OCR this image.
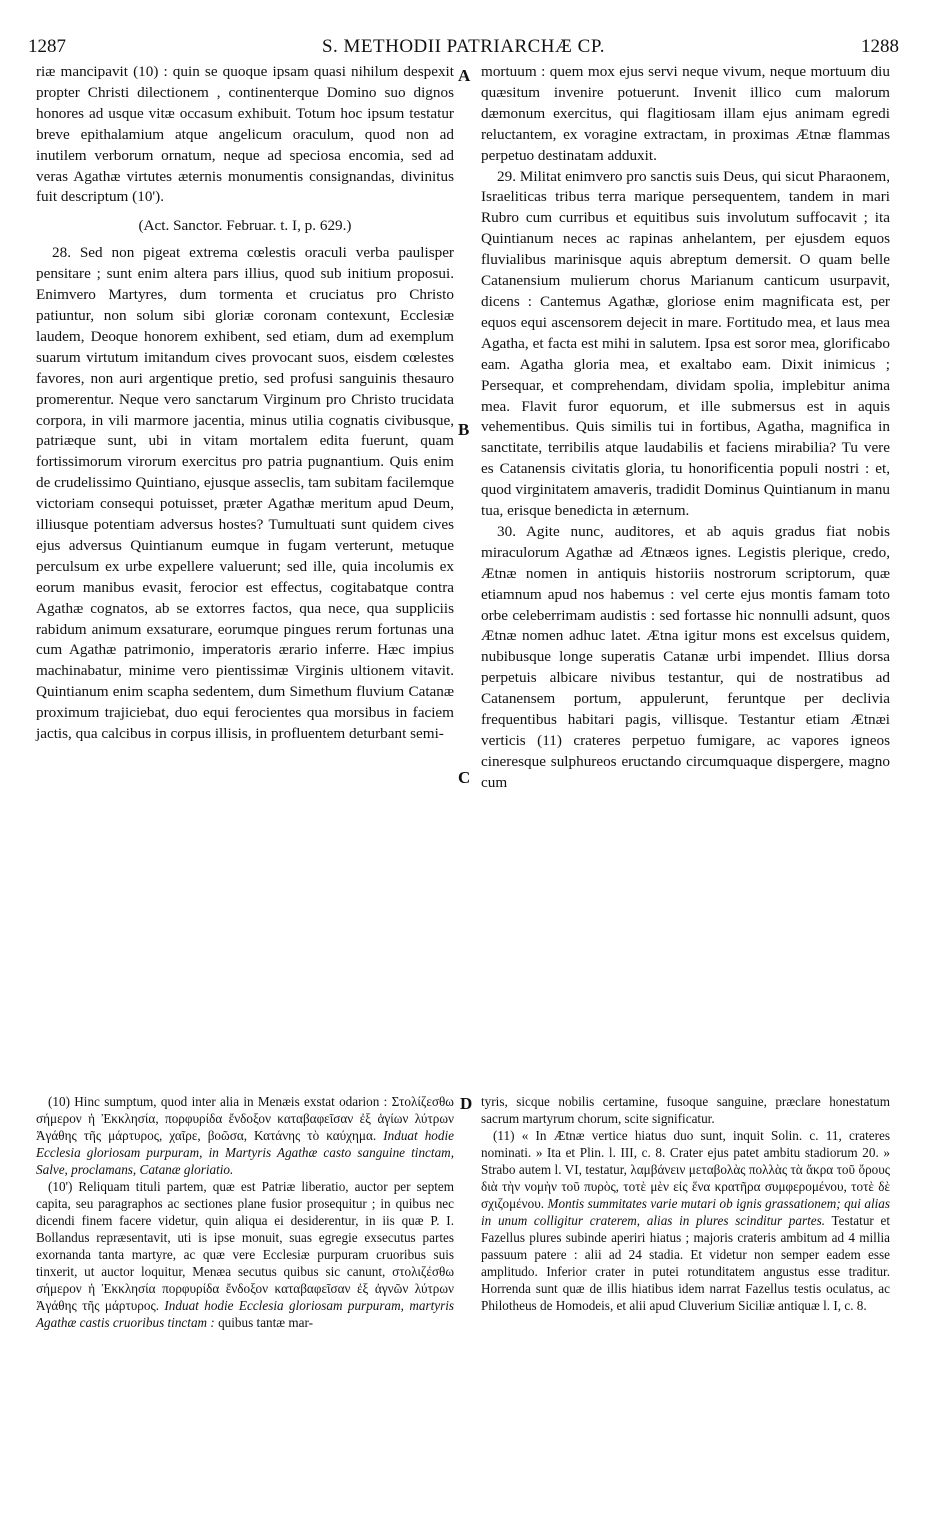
1287	S. METHODII PATRIARCHÆ CP.	1288
A
B
C
D

riæ mancipavit (10) : quin se quoque ipsam quasi nihilum despexit propter Christi dilectionem , continenterque Domino suo dignos honores ad usque vitæ occasum exhibuit. Totum hoc ipsum testatur breve epithalamium atque angelicum oraculum, quod non ad inutilem verborum ornatum, neque ad speciosa encomia, sed ad veras Agathæ virtutes æternis monumentis consignandas, divinitus fuit descriptum (10').

(Act. Sanctor. Februar. t. I, p. 629.)

28. Sed non pigeat extrema cœlestis oraculi verba paulisper pensitare ; sunt enim altera pars illius, quod sub initium proposui. Enimvero Martyres, dum tormenta et cruciatus pro Christo patiuntur, non solum sibi gloriæ coronam contexunt, Ecclesiæ laudem, Deoque honorem exhibent, sed etiam, dum ad exemplum suarum virtutum imitandum cives provocant suos, eisdem cœlestes favores, non auri argentique pretio, sed profusi sanguinis thesauro promerentur. Neque vero sanctarum Virginum pro Christo trucidata corpora, in vili marmore jacentia, minus utilia cognatis civibusque, patriæque sunt, ubi in vitam mortalem edita fuerunt, quam fortissimorum virorum exercitus pro patria pugnantium. Quis enim de crudelissimo Quintiano, ejusque asseclis, tam subitam facilemque victoriam consequi potuisset, præter Agathæ meritum apud Deum, illiusque potentiam adversus hostes? Tumultuati sunt quidem cives ejus adversus Quintianum eumque in fugam verterunt, metuque perculsum ex urbe expellere valuerunt; sed ille, quia incolumis ex eorum manibus evasit, ferocior est effectus, cogitabatque contra Agathæ cognatos, ab se extorres factos, qua nece, qua suppliciis rabidum animum exsaturare, eorumque pingues rerum fortunas una cum Agathæ patrimonio, imperatoris ærario inferre. Hæc impius machinabatur, minime vero pientissimæ Virginis ultionem vitavit. Quintianum enim scapha sedentem, dum Simethum fluvium Catanæ proximum trajiciebat, duo equi ferocientes qua morsibus in faciem jactis, qua calcibus in corpus illisis, in profluentem deturbant semi-

mortuum : quem mox ejus servi neque vivum, neque mortuum diu quæsitum invenire potuerunt. Invenit illico cum malorum dæmonum exercitus, qui flagitiosam illam ejus animam egredi reluctantem, ex voragine extractam, in proximas Ætnæ flammas perpetuo destinatam adduxit.

29. Militat enimvero pro sanctis suis Deus, qui sicut Pharaonem, Israeliticas tribus terra marique persequentem, tandem in mari Rubro cum curribus et equitibus suis involutum suffocavit ; ita Quintianum neces ac rapinas anhelantem, per ejusdem equos fluvialibus marinisque aquis abreptum demersit. O quam belle Catanensium mulierum chorus Marianum canticum usurpavit, dicens : Cantemus Agathæ, gloriose enim magnificata est, per equos equi ascensorem dejecit in mare. Fortitudo mea, et laus mea Agatha, et facta est mihi in salutem. Ipsa est soror mea, glorificabo eam. Agatha gloria mea, et exaltabo eam. Dixit inimicus ; Persequar, et comprehendam, dividam spolia, implebitur anima mea. Flavit furor equorum, et ille submersus est in aquis vehementibus. Quis similis tui in fortibus, Agatha, magnifica in sanctitate, terribilis atque laudabilis et faciens mirabilia? Tu vere es Catanensis civitatis gloria, tu honorificentia populi nostri : et, quod virginitatem amaveris, tradidit Dominus Quintianum in manu tua, erisque benedicta in æternum.

30. Agite nunc, auditores, et ab aquis gradus fiat nobis miraculorum Agathæ ad Ætnæos ignes. Legistis plerique, credo, Ætnæ nomen in antiquis historiis nostrorum scriptorum, quæ etiamnum apud nos habemus : vel certe ejus montis famam toto orbe celeberrimam audistis : sed fortasse hic nonnulli adsunt, quos Ætnæ nomen adhuc latet. Ætna igitur mons est excelsus quidem, nubibusque longe superatis Catanæ urbi impendet. Illius dorsa perpetuis albicare nivibus testantur, qui de nostratibus ad Catanensem portum, appulerunt, feruntque per declivia frequentibus habitari pagis, villisque. Testantur etiam Ætnæi verticis (11) crateres perpetuo fumigare, ac vapores igneos cineresque sulphureos eructando circumquaque dispergere, magno cum

(10) Hinc sumptum, quod inter alia in Menæis exstat odarion : Στολίζεσθω σήμερον ἡ Ἐκκλησία, πορφυρίδα ἔνδοξον καταβαφεῖσαν ἐξ ἁγίων λύτρων Ἀγάθης τῆς μάρτυρος, χαῖρε, βοῶσα, Κατάνης τὸ καύχημα. Induat hodie Ecclesia gloriosam purpuram, in Martyris Agathæ casto sanguine tinctam, Salve, proclamans, Catanæ gloriatio.

(10') Reliquam tituli partem, quæ est Patriæ liberatio, auctor per septem capita, seu paragraphos ac sectiones plane fusior prosequitur ; in quibus nec dicendi finem facere videtur, quin aliqua ei desiderentur, in iis quæ P. I. Bollandus repræsentavit, uti is ipse monuit, suas egregie exsecutus partes exornanda tanta martyre, ac quæ vere Ecclesiæ purpuram cruoribus suis tinxerit, ut auctor loquitur, Menæa secutus quibus sic canunt, στολιζέσθω σήμερον ἡ Ἐκκλησία πορφυρίδα ἔνδοξον καταβαφεῖσαν ἐξ ἀγνῶν λύτρων Ἀγάθης τῆς μάρτυρος. Induat hodie Ecclesia gloriosam purpuram, martyris Agathæ castis cruoribus tinctam : quibus tantæ mar-

tyris, sicque nobilis certamine, fusoque sanguine, præclare honestatum sacrum martyrum chorum, scite significatur.

(11) « In Ætnæ vertice hiatus duo sunt, inquit Solin. c. 11, crateres nominati. » Ita et Plin. l. III, c. 8. Crater ejus patet ambitu stadiorum 20. » Strabo autem l. VI, testatur, λαμβάνειν μεταβολὰς πολλὰς τὰ ἄκρα τοῦ ὄρους διὰ τὴν νομὴν τοῦ πυρὸς, τοτὲ μὲν εἰς ἕνα κρατῆρα συμφερομένου, τοτὲ δὲ σχιζομένου. Montis summitates varie mutari ob ignis grassationem; qui alias in unum colligitur craterem, alias in plures scinditur partes. Testatur et Fazellus plures subinde aperiri hiatus ; majoris crateris ambitum ad 4 millia passuum patere : alii ad 24 stadia. Et videtur non semper eadem esse amplitudo. Inferior crater in putei rotunditatem angustus esse traditur. Horrenda sunt quæ de illis hiatibus idem narrat Fazellus testis oculatus, ac Philotheus de Homodeis, et alii apud Cluverium Siciliæ antiquæ l. I, c. 8.
